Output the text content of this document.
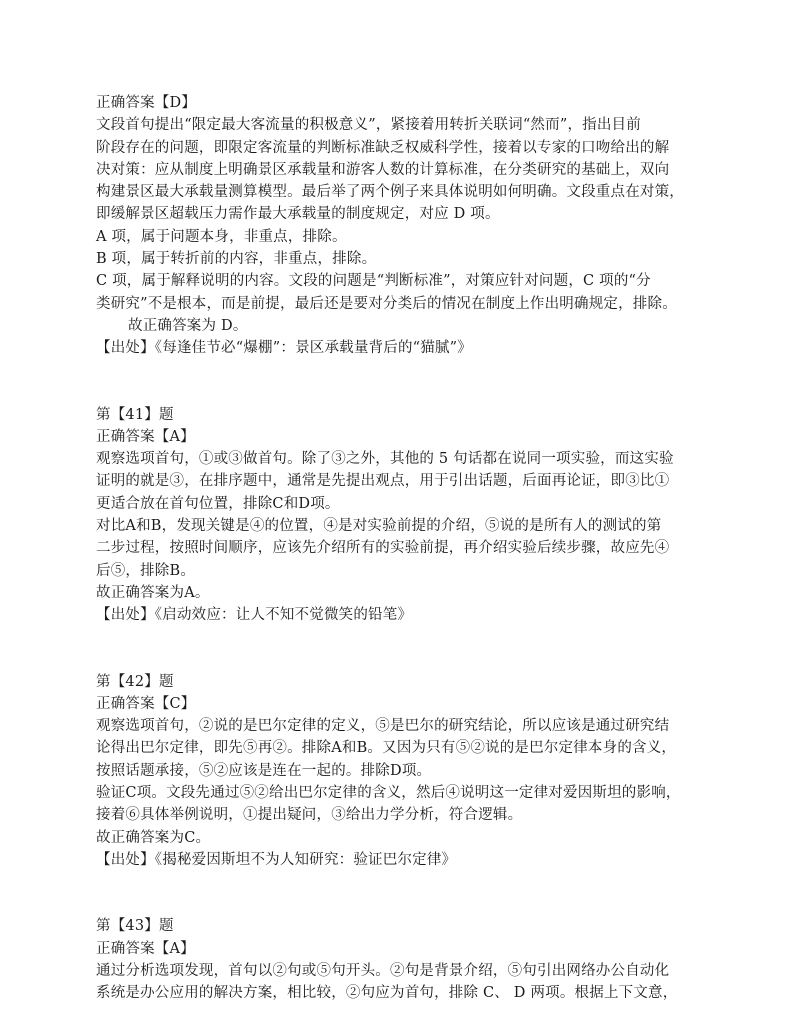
正确答案【D】
文段首句提出“限定最大客流量的积极意义”，紧接着用转折关联词“然而”，指出目前
阶段存在的问题，即限定客流量的判断标准缺乏权威科学性，接着以专家的口吻给出的解
决对策：应从制度上明确景区承载量和游客人数的计算标准，在分类研究的基础上，双向
构建景区最大承载量测算模型。最后举了两个例子来具体说明如何明确。文段重点在对策，
即缓解景区超载压力需作最大承载量的制度规定，对应 D 项。
A 项，属于问题本身，非重点，排除。
B 项，属于转折前的内容，非重点，排除。
C 项，属于解释说明的内容。文段的问题是“判断标准”，对策应针对问题，C 项的“分
类研究”不是根本，而是前提，最后还是要对分类后的情况在制度上作出明确规定，排除。
故正确答案为 D。
【出处】《每逢佳节必“爆棚”：景区承载量背后的“猫腻”》
第【41】题
正确答案【A】
观察选项首句，①或③做首句。除了③之外，其他的 5 句话都在说同一项实验，而这实验
证明的就是③，在排序题中，通常是先提出观点，用于引出话题，后面再论证，即③比①
更适合放在首句位置，排除C和D项。
对比A和B，发现关键是④的位置，④是对实验前提的介绍，⑤说的是所有人的测试的第
二步过程，按照时间顺序，应该先介绍所有的实验前提，再介绍实验后续步骤，故应先④
后⑤，排除B。
故正确答案为A。
【出处】《启动效应：让人不知不觉微笑的铅笔》
第【42】题
正确答案【C】
观察选项首句，②说的是巴尔定律的定义，⑤是巴尔的研究结论，所以应该是通过研究结
论得出巴尔定律，即先⑤再②。排除A和B。又因为只有⑤②说的是巴尔定律本身的含义，
按照话题承接，⑤②应该是连在一起的。排除D项。
验证C项。文段先通过⑤②给出巴尔定律的含义，然后④说明这一定律对爱因斯坦的影响，
接着⑥具体举例说明，①提出疑问，③给出力学分析，符合逻辑。
故正确答案为C。
【出处】《揭秘爱因斯坦不为人知研究：验证巴尔定律》
第【43】题
正确答案【A】
通过分析选项发现，首句以②句或⑤句开头。②句是背景介绍，⑤句引出网络办公自动化
系统是办公应用的解决方案，相比较，②句应为首句，排除 C、 D 两项。根据上下文意，
